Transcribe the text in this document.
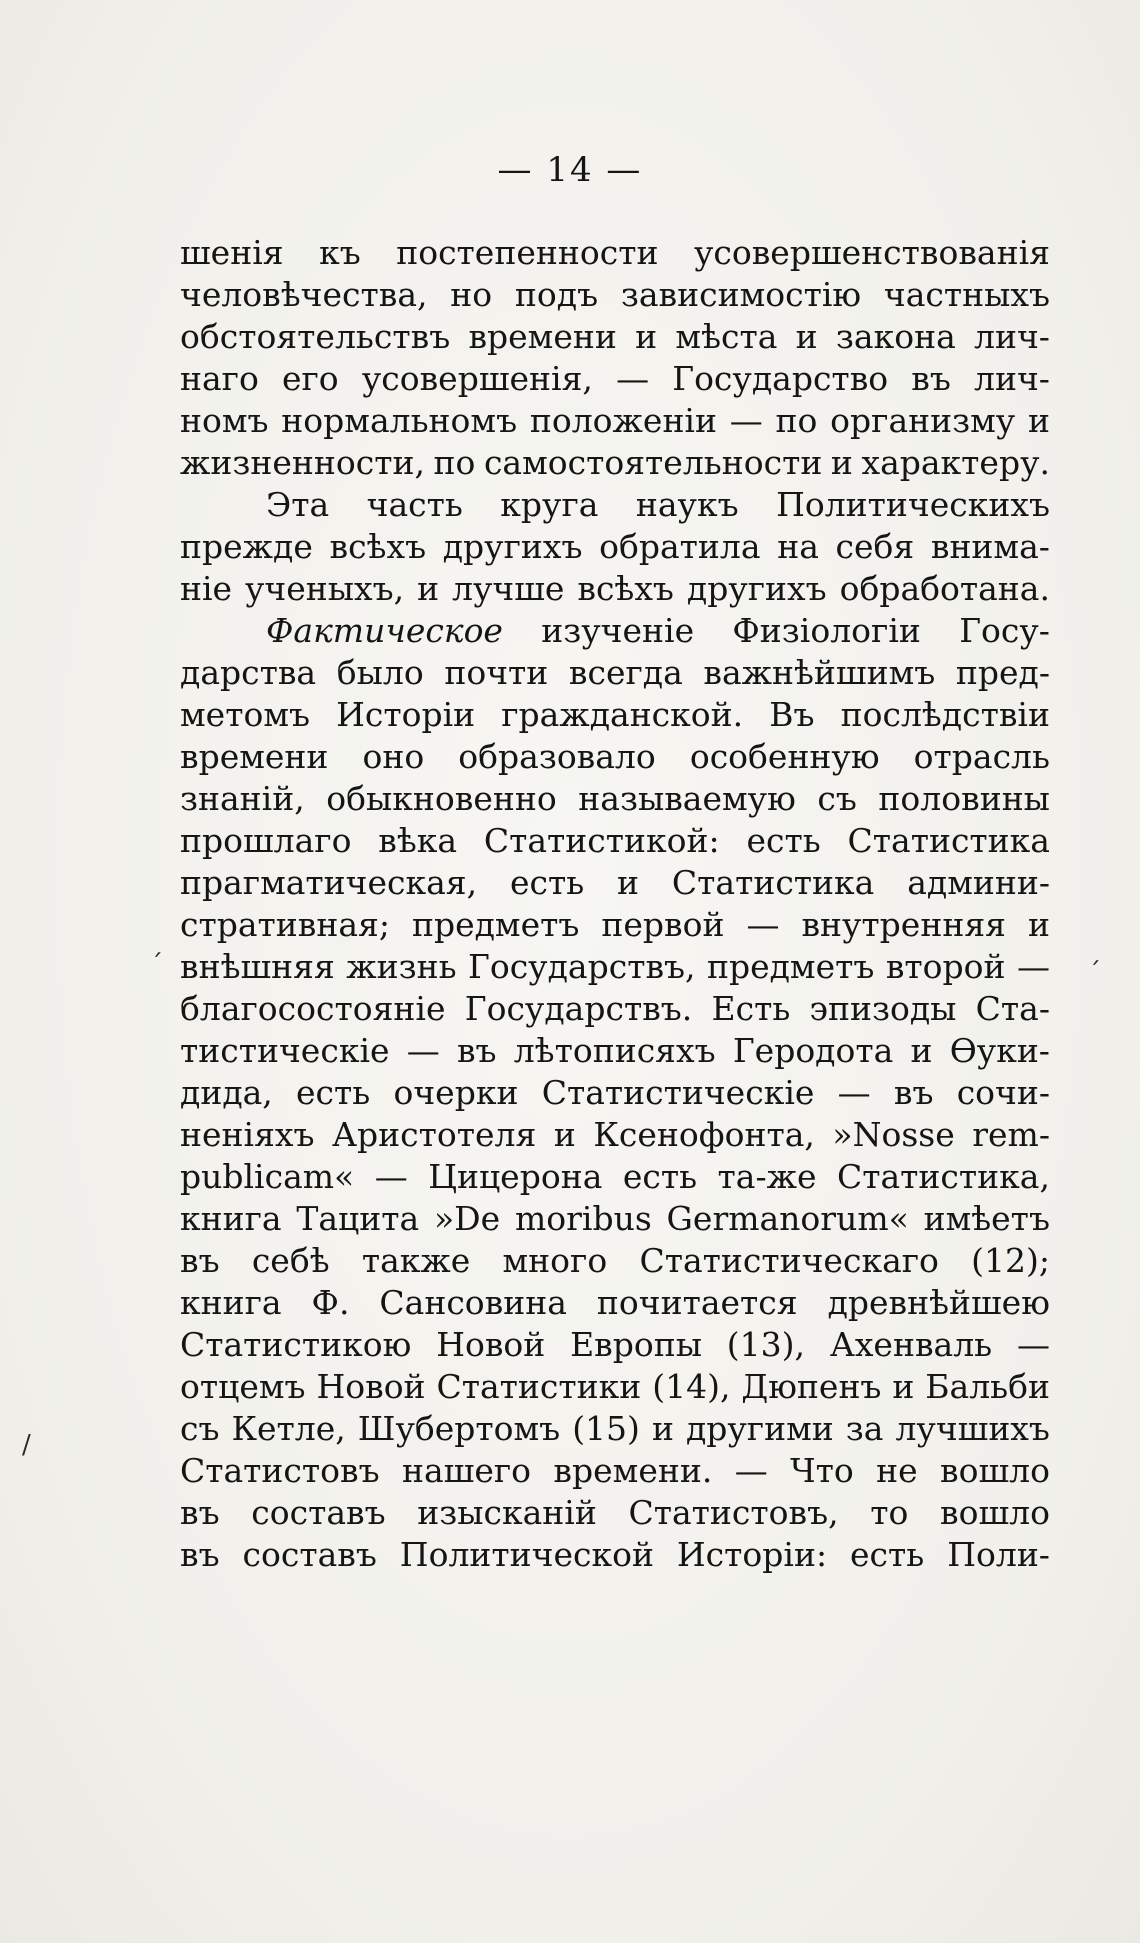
— 14 —
шенія къ постепенности усовершенствованія
человѣчества, но подъ зависимостію частныхъ
обстоятельствъ времени и мѣста и закона лич-
наго его усовершенія, — Государство въ лич-
номъ нормальномъ положеніи — по организму и
жизненности, по самостоятельности и характеру.
Эта часть круга наукъ Политическихъ
прежде всѣхъ другихъ обратила на себя внима-
ніе ученыхъ, и лучше всѣхъ другихъ обработана.
Фактическое изученіе Физіологіи Госу-
дарства было почти всегда важнѣйшимъ пред-
метомъ Исторіи гражданской. Въ послѣдствіи
времени оно образовало особенную отрасль
знаній, обыкновенно называемую съ половины
прошлаго вѣка Статистикой: есть Статистика
прагматическая, есть и Статистика админи-
стративная; предметъ первой — внутренняя и
внѣшняя жизнь Государствъ, предметъ второй —
благосостояніе Государствъ. Есть эпизоды Ста-
тистическіе — въ лѣтописяхъ Геродота и Ѳуки-
дида, есть очерки Статистическіе — въ сочи-
неніяхъ Аристотеля и Ксенофонта, »Nosse rem-
publicam« — Цицерона есть та-же Статистика,
книга Тацита »De moribus Germanorum« имѣетъ
въ себѣ также много Статистическаго (12);
книга Ф. Сансовина почитается древнѣйшею
Статистикою Новой Европы (13), Ахенваль —
отцемъ Новой Статистики (14), Дюпенъ и Бальби
съ Кетле, Шубертомъ (15) и другими за лучшихъ
Статистовъ нашего времени. — Что не вошло
въ составъ изысканій Статистовъ, то вошло
въ составъ Политической Исторіи: есть Поли-
´	´
/
